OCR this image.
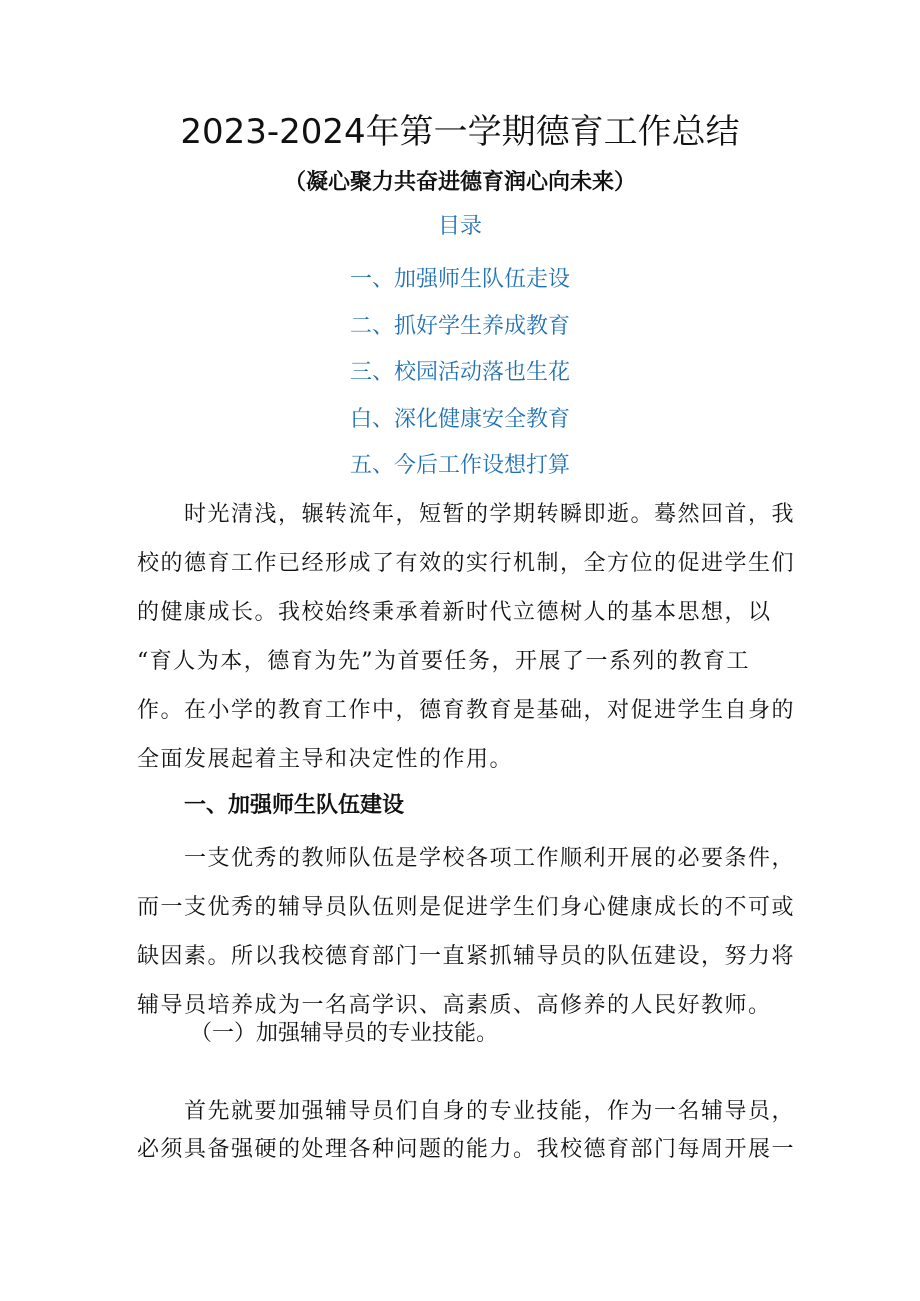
2023-2024年第一学期德育工作总结
（凝心聚力共奋进德育润心向未来）
目录
一、加强师生队伍走设
二、抓好学生养成教育
三、校园活动落也生花
白、深化健康安全教育
五、今后工作设想打算
时光清浅，辗转流年，短暂的学期转瞬即逝。蓦然回首，我
校的德育工作已经形成了有效的实行机制，全方位的促进学生们
的健康成长。我校始终秉承着新时代立德树人的基本思想，以
“育人为本，德育为先”为首要任务，开展了一系列的教育工
作。在小学的教育工作中，德育教育是基础，对促进学生自身的
全面发展起着主导和决定性的作用。
一、加强师生队伍建设
一支优秀的教师队伍是学校各项工作顺利开展的必要条件，
而一支优秀的辅导员队伍则是促进学生们身心健康成长的不可或
缺因素。所以我校德育部门一直紧抓辅导员的队伍建设，努力将
辅导员培养成为一名高学识、高素质、高修养的人民好教师。
（一）加强辅导员的专业技能。
首先就要加强辅导员们自身的专业技能，作为一名辅导员，
必须具备强硬的处理各种问题的能力。我校德育部门每周开展一
